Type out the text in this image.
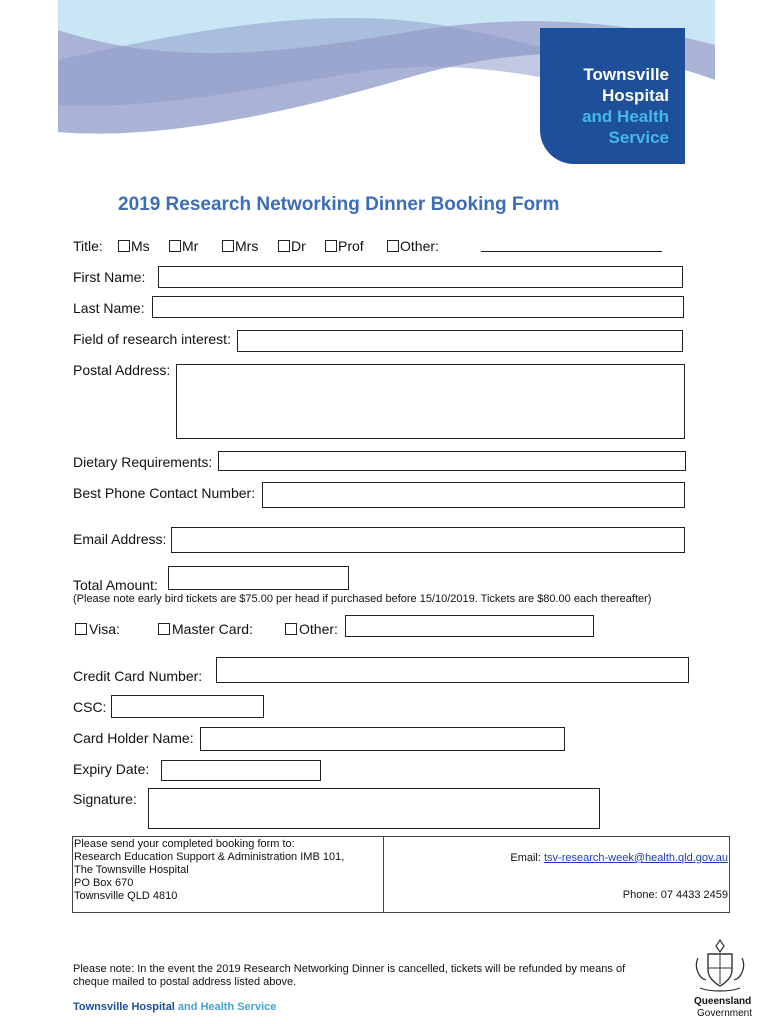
Townsville
Hospital
and Health
Service
2019 Research Networking Dinner Booking Form
Title: Ms Mr	Mrs Dr Prof	Other:
First Name:
Last Name:
Field of research interest:
Postal Address:
Dietary Requirements:
Best Phone Contact Number:
Email Address:
Total Amount:
(Please note early bird tickets are $75.00 per head if purchased before 15/10/2019. Tickets are $80.00 each thereafter)
Visa:	Master Card:	Other:
Credit Card Number:
CSC:
Card Holder Name:
Expiry Date:
Signature:
Please send your completed booking form to:
Research Education Support & Administration IMB 101,
The Townsville Hospital
PO Box 670
Townsville QLD 4810
Email: tsv-research-week@health.qld.gov.au
Phone: 07 4433 2459
Please note: In the event the 2019 Research Networking Dinner is cancelled, tickets will be refunded by means of
cheque mailed to postal address listed above.
Townsville Hospital and Health Service	Queensland
Government
